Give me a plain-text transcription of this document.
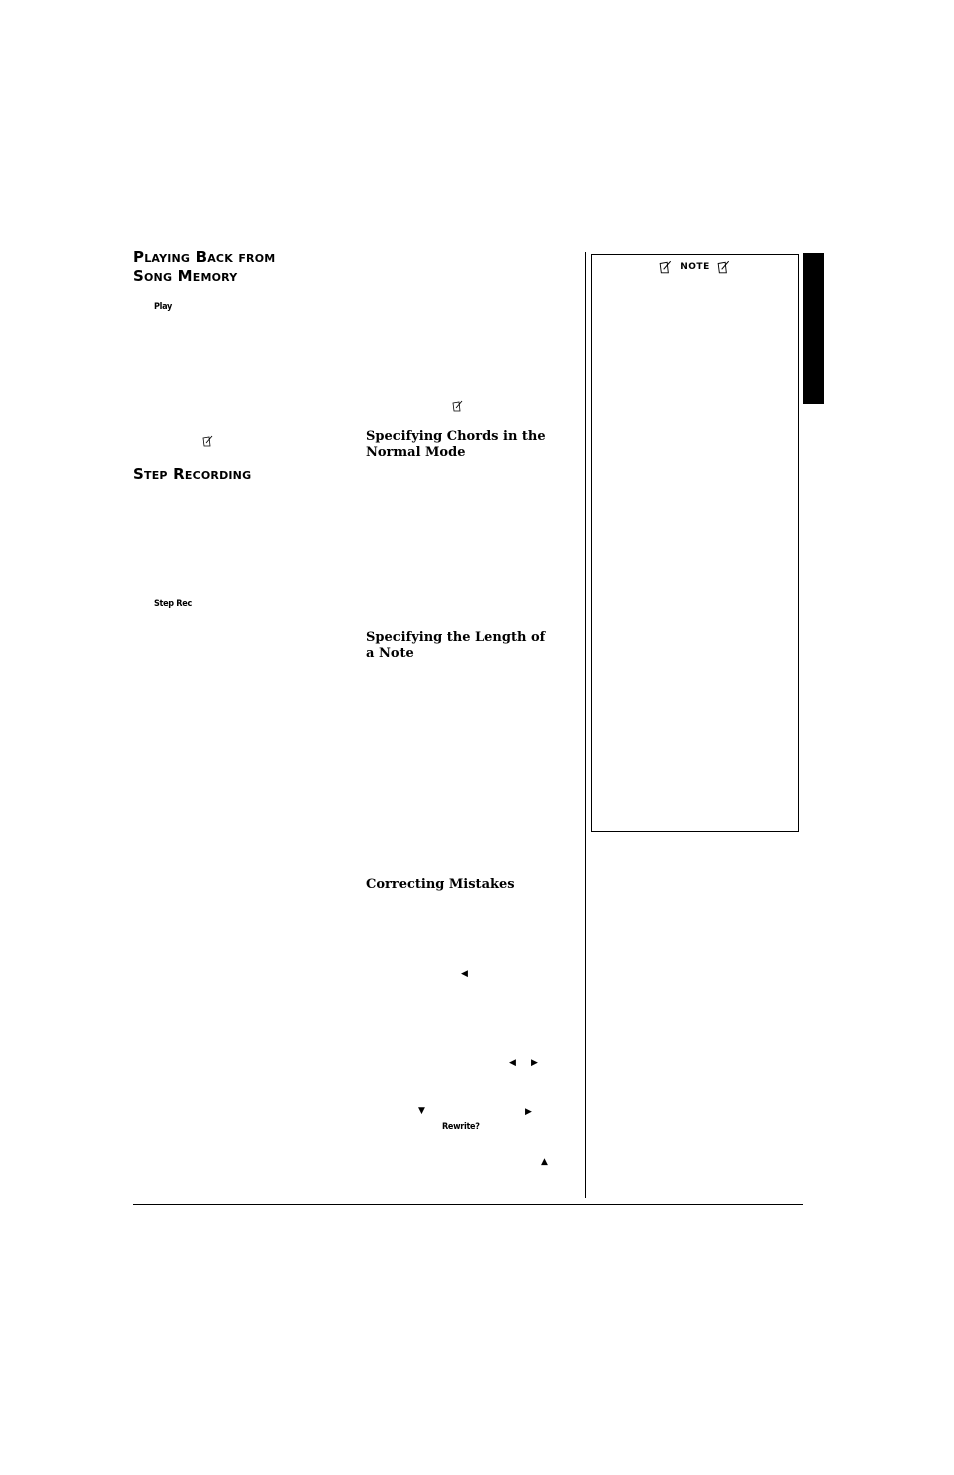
Playing Back from

Song Memory

Play

Step Recording

Step Rec

Specifying Chords in the Normal Mode

Specifying the Length of

a Note

Correcting Mistakes

◀
◀ ▶
▼	▶
Rewrite?
▲
NOTE
